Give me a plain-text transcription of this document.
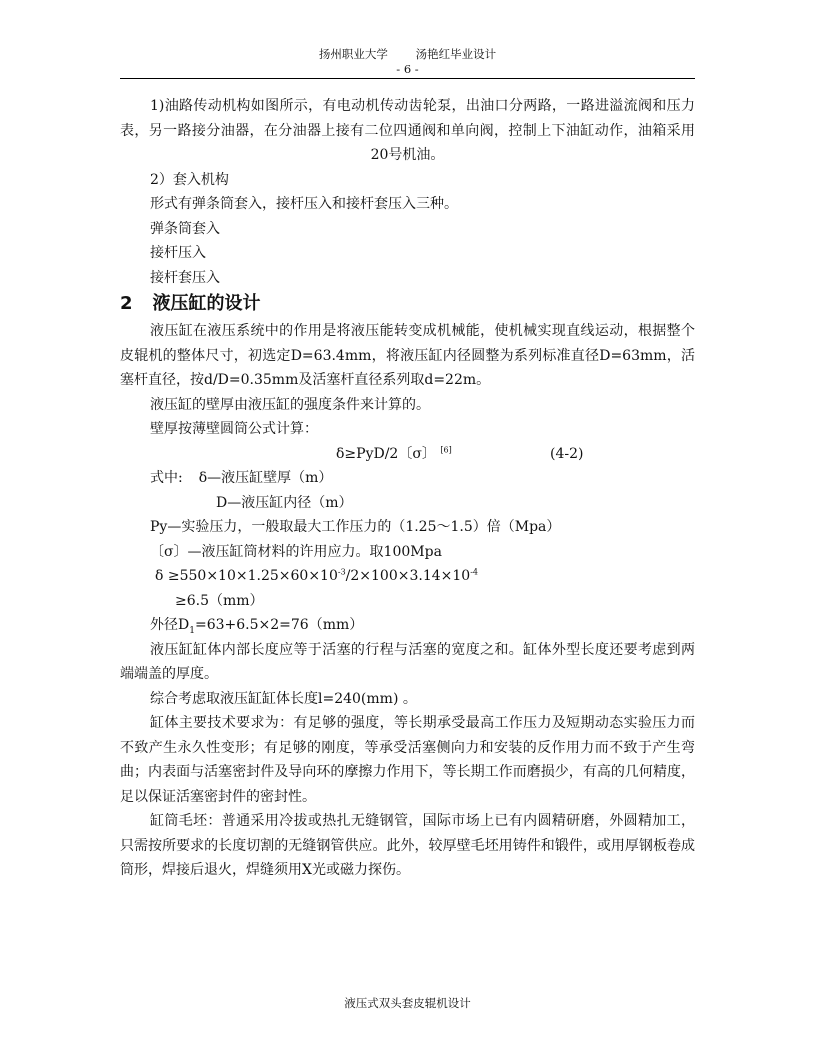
扬州职业大学 汤艳红毕业设计
- 6 -

1)油路传动机构如图所示，有电动机传动齿轮泵，出油口分两路，一路进溢流阀和压力表，另一路接分油器，在分油器上接有二位四通阀和单向阀，控制上下油缸动作，油箱采用20号机油。

2）套入机构

形式有弹条筒套入，接杆压入和接杆套压入三种。

弹条筒套入

接杆压入

接杆套压入

2 液压缸的设计

液压缸在液压系统中的作用是将液压能转变成机械能，使机械实现直线运动，根据整个皮辊机的整体尺寸，初选定D=63.4mm，将液压缸内径圆整为系列标准直径D=63mm，活塞杆直径，按d/D=0.35mm及活塞杆直径系列取d=22m。

液压缸的壁厚由液压缸的强度条件来计算的。

壁厚按薄壁圆筒公式计算：

δ≥PyD/2〔σ〕 [6]	(4-2)

式中: δ—液压缸壁厚（m）

D—液压缸内径（m）

Py—实验压力，一般取最大工作压力的（1.25～1.5）倍（Mpa）

〔σ〕—液压缸筒材料的许用应力。取100Mpa

$\delta \ge 550\times 10\times 1.25\times 60\times 10^{-3}/2\times 100\times 3.14\times 10^{-4}$

≥6.5（mm）

外径$D_1=63+6.5\times 2=76(mm)$

液压缸缸体内部长度应等于活塞的行程与活塞的宽度之和。缸体外型长度还要考虑到两端端盖的厚度。

综合考虑取液压缸缸体长度l=240(mm) 。

缸体主要技术要求为：有足够的强度，等长期承受最高工作压力及短期动态实验压力而不致产生永久性变形；有足够的刚度，等承受活塞侧向力和安装的反作用力而不致于产生弯曲；内表面与活塞密封件及导向环的摩擦力作用下，等长期工作而磨损少，有高的几何精度，足以保证活塞密封件的密封性。

缸筒毛坯：普通采用冷拔或热扎无缝钢管，国际市场上已有内圆精研磨，外圆精加工，只需按所要求的长度切割的无缝钢管供应。此外，较厚壁毛坯用铸件和锻件，或用厚钢板卷成筒形，焊接后退火，焊缝须用X光或磁力探伤。

液压式双头套皮辊机设计
